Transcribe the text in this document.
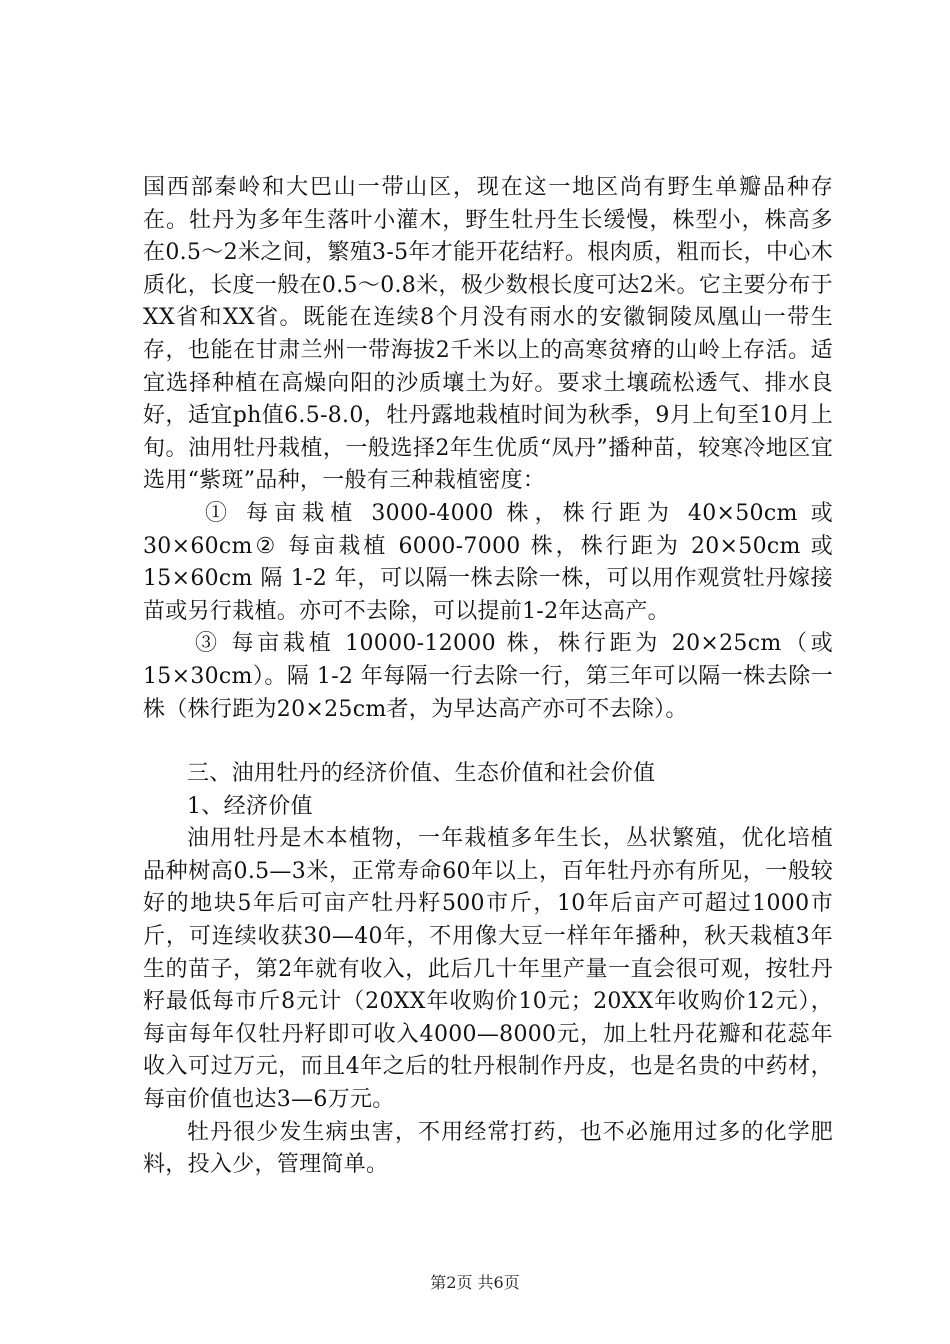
国西部秦岭和大巴山一带山区，现在这一地区尚有野生单瓣品种存在。牡丹为多年生落叶小灌木，野生牡丹生长缓慢，株型小，株高多在0.5～2米之间，繁殖3-5年才能开花结籽。根肉质，粗而长，中心木质化，长度一般在0.5～0.8米，极少数根长度可达2米。它主要分布于XX省和XX省。既能在连续8个月没有雨水的安徽铜陵凤凰山一带生存，也能在甘肃兰州一带海拔2千米以上的高寒贫瘠的山岭上存活。适宜选择种植在高燥向阳的沙质壤土为好。要求土壤疏松透气、排水良好，适宜ph值6.5-8.0，牡丹露地栽植时间为秋季，9月上旬至10月上旬。油用牡丹栽植，一般选择2年生优质“凤丹”播种苗，较寒冷地区宜选用“紫斑”品种，一般有三种栽植密度：

① 每亩栽植 3000-4000 株，株行距为 40×50cm 或 30×60cm② 每亩栽植 6000-7000 株，株行距为 20×50cm 或 15×60cm 隔 1-2 年，可以隔一株去除一株，可以用作观赏牡丹嫁接苗或另行栽植。亦可不去除，可以提前1-2年达高产。

③ 每亩栽植 10000-12000 株，株行距为 20×25cm（或 15×30cm）。隔 1-2 年每隔一行去除一行，第三年可以隔一株去除一株（株行距为20×25cm者，为早达高产亦可不去除）。

三、油用牡丹的经济价值、生态价值和社会价值

1、经济价值

油用牡丹是木本植物，一年栽植多年生长，丛状繁殖，优化培植品种树高0.5—3米，正常寿命60年以上，百年牡丹亦有所见，一般较好的地块5年后可亩产牡丹籽500市斤，10年后亩产可超过1000市斤，可连续收获30—40年，不用像大豆一样年年播种，秋天栽植3年生的苗子，第2年就有收入，此后几十年里产量一直会很可观，按牡丹籽最低每市斤8元计（20XX年收购价10元；20XX年收购价12元），每亩每年仅牡丹籽即可收入4000—8000元，加上牡丹花瓣和花蕊年收入可过万元，而且4年之后的牡丹根制作丹皮，也是名贵的中药材，每亩价值也达3—6万元。

牡丹很少发生病虫害，不用经常打药，也不必施用过多的化学肥料，投入少，管理简单。

第2页 共6页
